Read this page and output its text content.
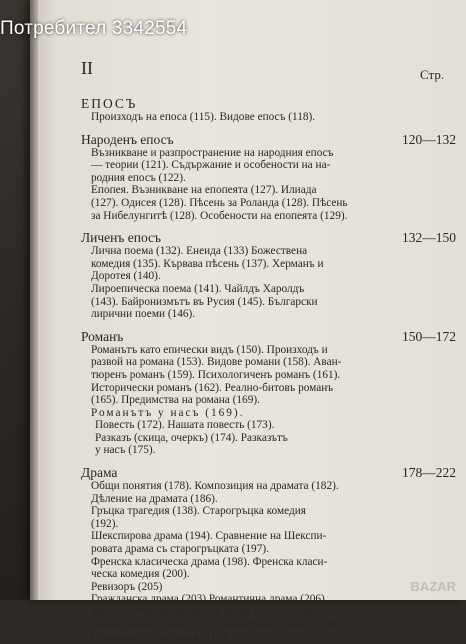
Потребител 3342554
BAZAR
II	Стр.
ЕПОСЪ
Произходъ на епоса (115). Видове епосъ (118).
Народенъ епосъ	120—132
Възникване и разпространение на народния епосъ
— теории (121). Съдържание и особености на на-
родния епосъ (122).
Епопея. Възникване на епопеята (127). Илиада
(127). Одисея (128). Пѣсень за Роланда (128). Пѣсень
за Нибелунгитѣ (128). Особености на епопеята (129).
Личенъ епосъ	132—150
Лична поема (132). Енеида (133) Божествена
комедия (135). Кървава пѣсень (137). Херманъ и
Доротея (140).
Лироепическа поема (141). Чайлдъ Харолдъ
(143). Байронизмътъ въ Русия (145). Български
лирични поеми (146).
Романъ	150—172
Романътъ като епически видъ (150). Произходъ и
развой на романа (153). Видове романи (158). Аван-
тюренъ романъ (159). Психологиченъ романъ (161).
Исторически романъ (162). Реално-битовъ романъ
(165). Предимства на романа (169).
Романътъ у насъ (169).
Повесть (172). Нашата повесть (173).
Разказъ (скица, очеркъ) (174). Разказътъ
у насъ (175).
Драма	178—222
Общи понятия (178). Композиция на драмата (182).
Дѣление на драмата (186).
Гръцка трагедия (138). Старогръцка комедия
(192).
Шекспирова драма (194). Сравнение на Шекспи-
ровата драма съ старогръцката (197).
Френска класическа драма (198). Френска класи-
ческа комедия (200).
Ревизоръ (205)
Гражданска драма (203) Романтична драма (206).
Фаустъ (209). Историческа драма (210). Съвре-
менна (нова) драма (212). Реалистична драма (214).
Символистична драма (216).
